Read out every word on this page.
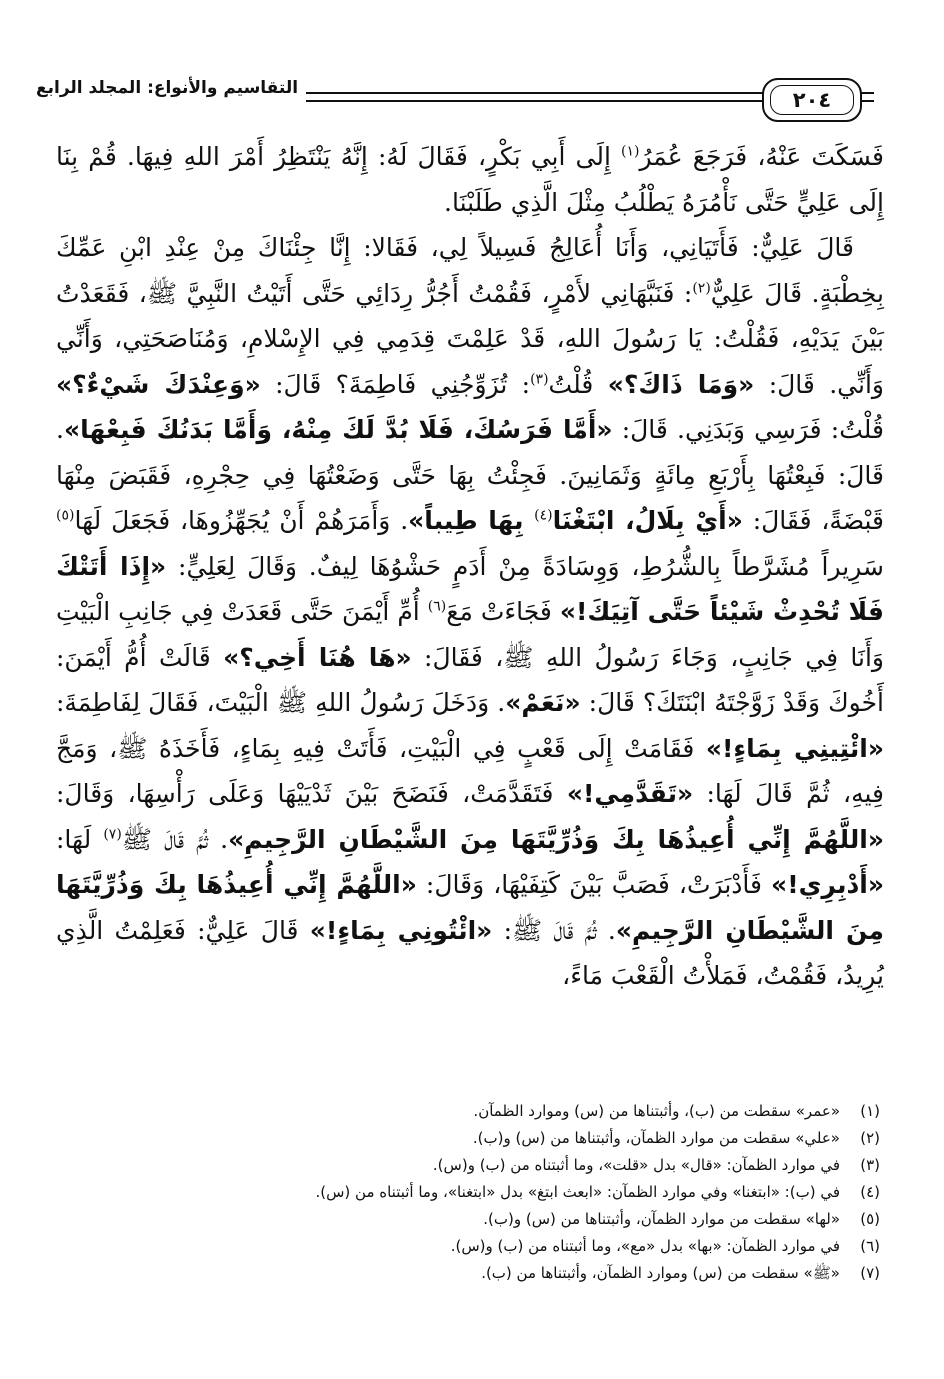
٢٠٤
التقاسيم والأنواع: المجلد الرابع

فَسَكَتَ عَنْهُ، فَرَجَعَ عُمَرُ$^{(١)}$ إِلَى أَبِي بَكْرٍ، فَقَالَ لَهُ: إِنَّهُ يَنْتَظِرُ أَمْرَ اللهِ فِيهَا. قُمْ بِنَا إِلَى عَلِيٍّ حَتَّى نَأْمُرَهُ يَطْلُبُ مِثْلَ الَّذِي طَلَبْنَا.

قَالَ عَلِيٌّ: فَأَتَيَانِي، وَأَنَا أُعَالِجُ فَسِيلاً لِي، فَقَالا: إِنَّا جِئْنَاكَ مِنْ عِنْدِ ابْنِ عَمِّكَ بِخِطْبَةٍ. قَالَ عَلِيٌّ$^{(٢)}$: فَنَبَّهَانِي لأَمْرٍ، فَقُمْتُ أَجُرُّ رِدَائِي حَتَّى أَتَيْتُ النَّبِيَّ ﷺ، فَقَعَدْتُ بَيْنَ يَدَيْهِ، فَقُلْتُ: يَا رَسُولَ اللهِ، قَدْ عَلِمْتَ قِدَمِي فِي الإِسْلامِ، وَمُنَاصَحَتِي، وَأَنِّي وَأَنِّي. قَالَ: «وَمَا ذَاكَ؟» قُلْتُ$^{(٣)}$: تُزَوِّجُنِي فَاطِمَةَ؟ قَالَ: «وَعِنْدَكَ شَيْءٌ؟» قُلْتُ: فَرَسِي وَبَدَنِي. قَالَ: «أَمَّا فَرَسُكَ، فَلَا بُدَّ لَكَ مِنْهُ، وَأَمَّا بَدَنُكَ فَبِعْهَا». قَالَ: فَبِعْتُهَا بِأَرْبَعِ مِائَةٍ وَثَمَانِينَ. فَجِئْتُ بِهَا حَتَّى وَضَعْتُهَا فِي حِجْرِهِ، فَقَبَضَ مِنْهَا قَبْضَةً، فَقَالَ: «أَيْ بِلَالُ، ابْتَغْنَا$^{(٤)}$ بِهَا طِيباً». وَأَمَرَهُمْ أَنْ يُجَهِّزُوهَا، فَجَعَلَ لَهَا$^{(٥)}$ سَرِيراً مُشَرَّطاً بِالشُّرُطِ، وَوِسَادَةً مِنْ أَدَمٍ حَشْوُهَا لِيفٌ. وَقَالَ لِعَلِيٍّ: «إِذَا أَتَتْكَ فَلَا تُحْدِثْ شَيْئاً حَتَّى آتِيَكَ!» فَجَاءَتْ مَعَ$^{(٦)}$ أُمِّ أَيْمَنَ حَتَّى قَعَدَتْ فِي جَانِبِ الْبَيْتِ وَأَنَا فِي جَانِبٍ، وَجَاءَ رَسُولُ اللهِ ﷺ، فَقَالَ: «هَا هُنَا أَخِي؟» قَالَتْ أُمُّ أَيْمَنَ: أَخُوكَ وَقَدْ زَوَّجْتَهُ ابْنَتَكَ؟ قَالَ: «نَعَمْ». وَدَخَلَ رَسُولُ اللهِ ﷺ الْبَيْتَ، فَقَالَ لِفَاطِمَةَ: «ائْتِينِي بِمَاءٍ!» فَقَامَتْ إِلَى قَعْبٍ فِي الْبَيْتِ، فَأَتَتْ فِيهِ بِمَاءٍ، فَأَخَذَهُ ﷺ، وَمَجَّ فِيهِ، ثُمَّ قَالَ لَهَا: «تَقَدَّمِي!» فَتَقَدَّمَتْ، فَنَضَحَ بَيْنَ ثَدْيَيْهَا وَعَلَى رَأْسِهَا، وَقَالَ: «اللَّهُمَّ إِنِّي أُعِيذُهَا بِكَ وَذُرِّيَّتَهَا مِنَ الشَّيْطَانِ الرَّجِيمِ». ثُمَّ قَالَ ﷺ$^{(٧)}$ لَهَا: «أَدْبِرِي!» فَأَدْبَرَتْ، فَصَبَّ بَيْنَ كَتِفَيْهَا، وَقَالَ: «اللَّهُمَّ إِنِّي أُعِيذُهَا بِكَ وَذُرِّيَّتَهَا مِنَ الشَّيْطَانِ الرَّجِيمِ». ثُمَّ قَالَ ﷺ: «ائْتُونِي بِمَاءٍ!» قَالَ عَلِيٌّ: فَعَلِمْتُ الَّذِي يُرِيدُ، فَقُمْتُ، فَمَلأْتُ الْقَعْبَ مَاءً،

(١)
«عمر» سقطت من (ب)، وأثبتناها من (س) وموارد الظمآن.
(٢)
«علي» سقطت من موارد الظمآن، وأثبتناها من (س) و(ب).
(٣)
في موارد الظمآن: «قال» بدل «قلت»، وما أثبتناه من (ب) و(س).
(٤)
في (ب): «ابتغنا» وفي موارد الظمآن: «ابعث ابتغ» بدل «ابتغنا»، وما أثبتناه من (س).
(٥)
«لها» سقطت من موارد الظمآن، وأثبتناها من (س) و(ب).
(٦)
في موارد الظمآن: «بها» بدل «مع»، وما أثبتناه من (ب) و(س).
(٧)
«ﷺ» سقطت من (س) وموارد الظمآن، وأثبتناها من (ب).
